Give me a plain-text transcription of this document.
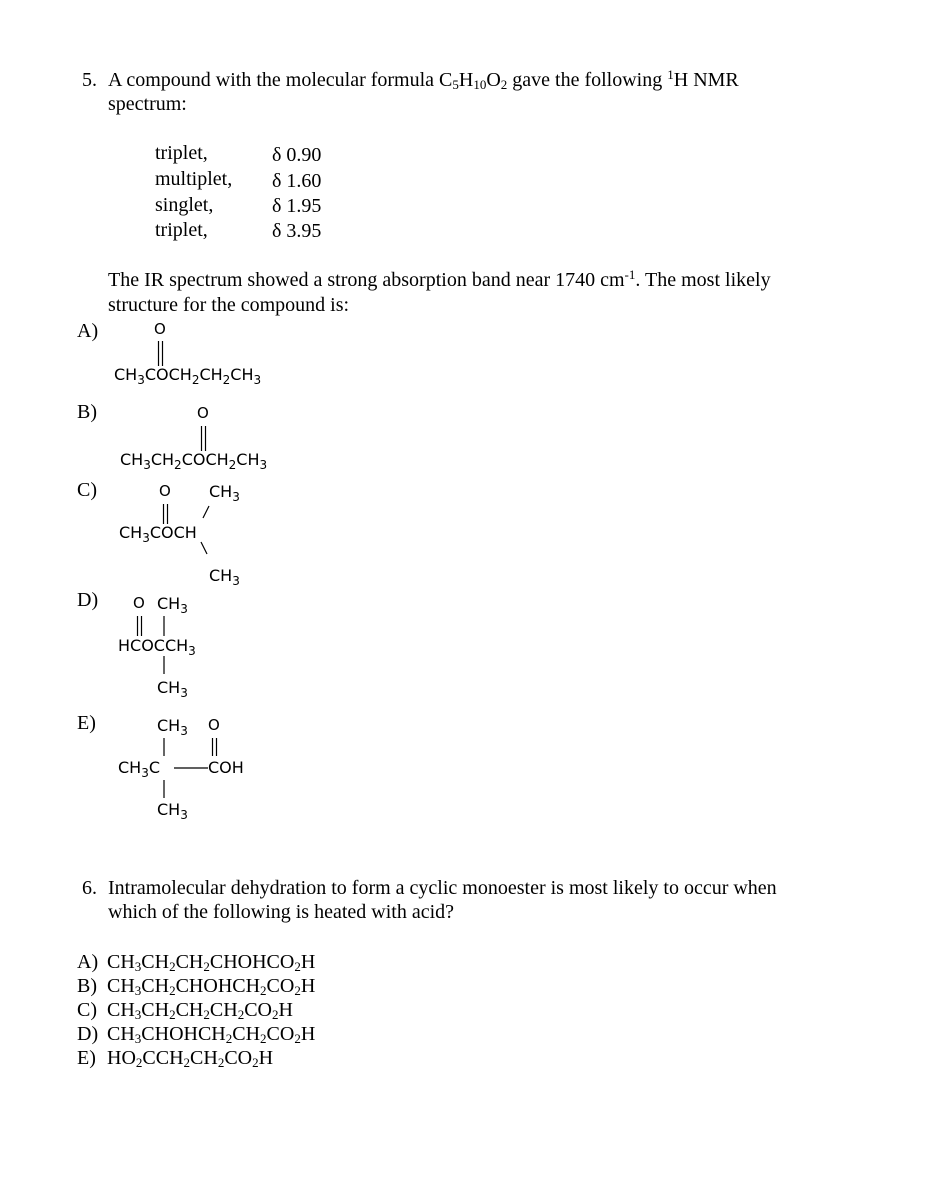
5. A compound with the molecular formula $C_5H_{10}O_2$ gave the following $^1$H NMR
spectrum:
triplet,	δ 0.90
multiplet, δ 1.60
singlet,	δ 1.95
triplet,	δ 3.95
The IR spectrum showed a strong absorption band near 1740 $cm^{-1}$. The most likely
structure for the compound is:
A)	O
$CH_3COCH_2CH_2CH_3$
B)	O
$CH_3CH_2COCH_2CH_3$
C)	O $CH_3$
$CH_3COCH$
$CH_3$
D) O $CH_3$
$HCOCCH_3$
$CH_3$
E)	$CH_3$ O
$CH_3C$	COH
$CH_3$
6. Intramolecular dehydration to form a cyclic monoester is most likely to occur when
which of the following is heated with acid?
A) $CH_3CH_2CH_2CHOHCO_2H$
B) $CH_3CH_2CHOHCH_2CO_2H$
C) $CH_3CH_2CH_2CH_2CO_2H$
D) $CH_3CHOHCH_2CH_2CO_2H$
E) $HO_2CCH_2CH_2CO_2H$
